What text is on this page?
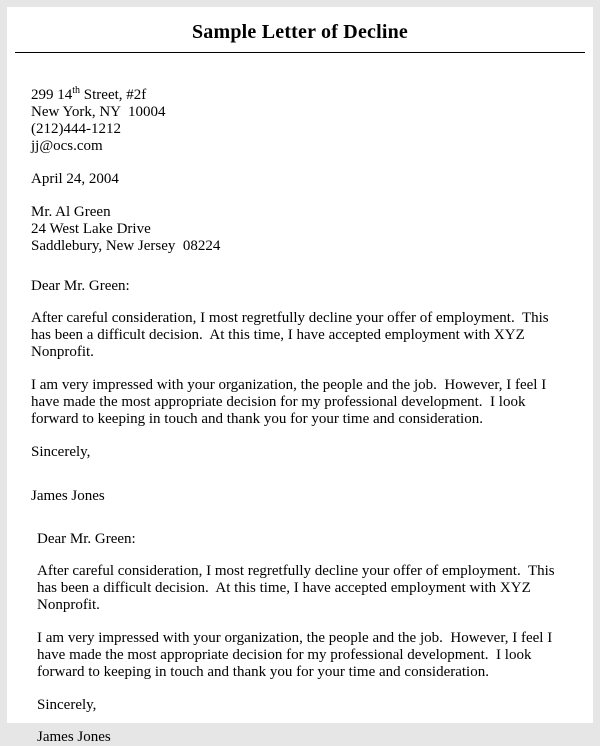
Sample Letter of Decline
299 14th Street, #2f
New York, NY  10004
(212)444-1212
jj@ocs.com

April 24, 2004

Mr. Al Green
24 West Lake Drive
Saddlebury, New Jersey  08224

Dear Mr. Green:

After careful consideration, I most regretfully decline your offer of employment.  This has been a difficult decision.  At this time, I have accepted employment with XYZ Nonprofit.

I am very impressed with your organization, the people and the job.  However, I feel I have made the most appropriate decision for my professional development.  I look forward to keeping in touch and thank you for your time and consideration.

Sincerely,

James Jones

Dear Mr. Green:

After careful consideration, I most regretfully decline your offer of employment.  This has been a difficult decision.  At this time, I have accepted employment with XYZ Nonprofit.

I am very impressed with your organization, the people and the job.  However, I feel I have made the most appropriate decision for my professional development.  I look forward to keeping in touch and thank you for your time and consideration.

Sincerely,

James Jones
